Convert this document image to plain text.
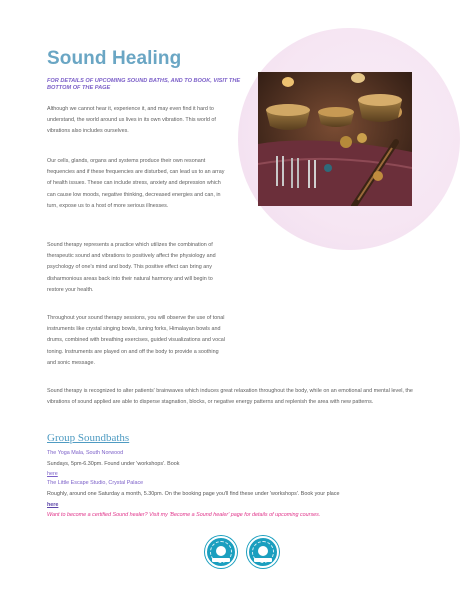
Sound Healing
FOR DETAILS OF UPCOMING SOUND BATHS, AND TO BOOK, VISIT THE BOTTOM OF THE PAGE

Although we cannot hear it, experience it, and may even find it hard to understand, the world around us lives in its own vibration. This world of vibrations also includes ourselves.

Our cells, glands, organs and systems produce their own resonant frequencies and if these frequencies are disturbed, can lead us to an array of health issues. These can include stress, anxiety and depression which can cause low moods, negative thinking, decreased energies and can, in turn, expose us to a host of more serious illnesses.

Sound therapy represents a practice which utilizes the combination of therapeutic sound and vibrations to positively affect the physiology and psychology of one's mind and body. This positive effect can bring any disharmonious areas back into their natural harmony and will begin to restore your health.

Throughout your sound therapy sessions, you will observe the use of tonal instruments like crystal singing bowls, tuning forks, Himalayan bowls and drums, combined with breathing exercises, guided visualizations and vocal toning. Instruments are played on and off the body to provide a soothing and sonic message.

Sound therapy is recognized to alter patients' brainwaves which induces great relaxation throughout the body, while on an emotional and mental level, the vibrations of sound applied are able to disperse stagnation, blocks, or negative energy patterns and replenish the area with new patterns.

Group Soundbaths
The Yoga Mala, South Norwood
Sundays, 5pm-6.30pm. Found under 'workshops'. Book
here
The Little Escape Studio, Crystal Palace
Roughly, around one Saturday a month, 5.30pm. On the booking page you'll find these under 'workshops'. Book your place
here
Want to become a certified Sound healer? Visit my 'Become a Sound healer' page for details of upcoming courses.
